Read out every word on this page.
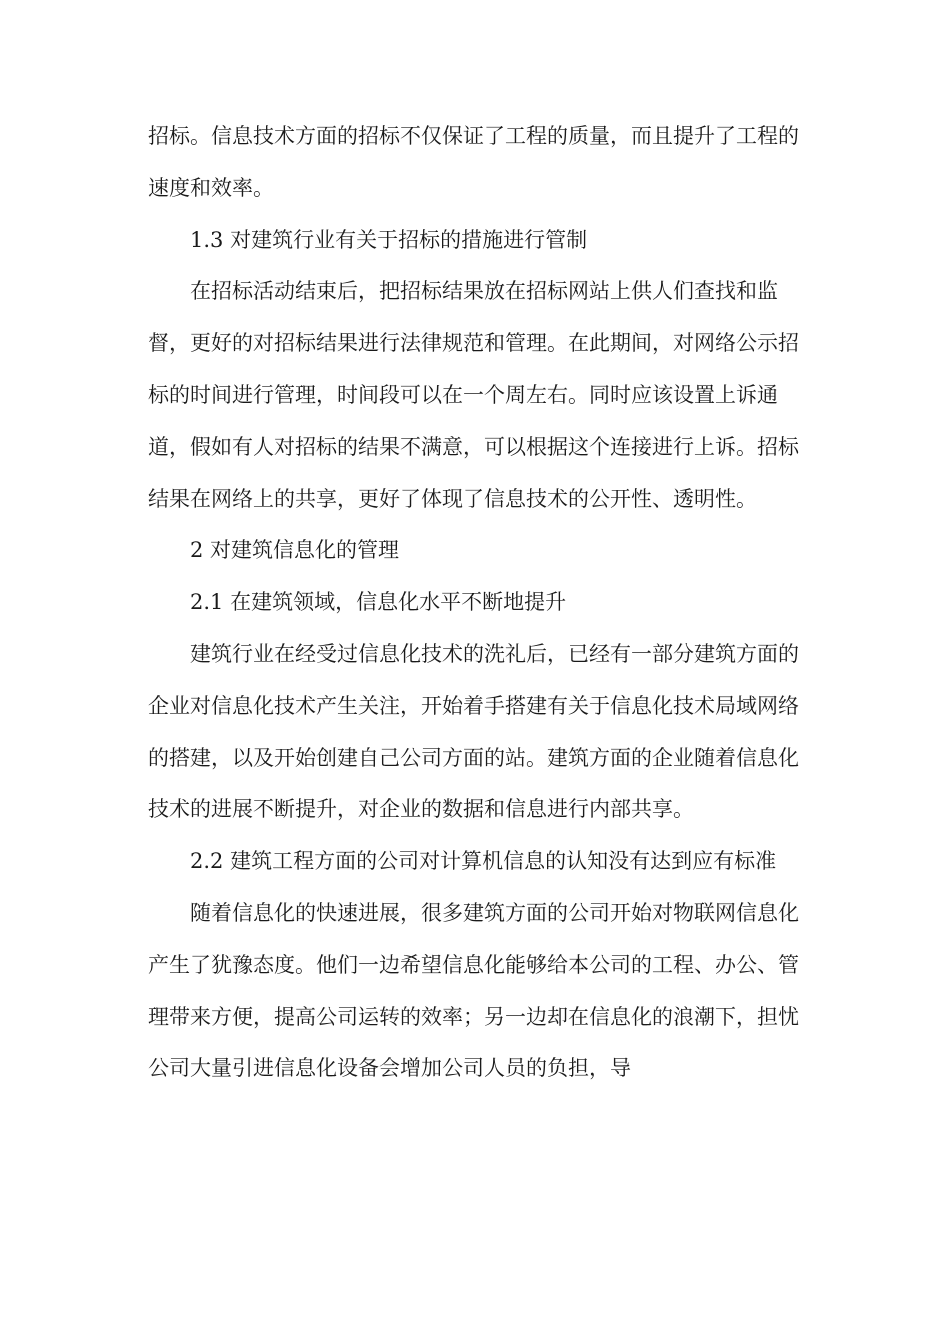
招标。信息技术方面的招标不仅保证了工程的质量，而且提升了工程的速度和效率。

1.3 对建筑行业有关于招标的措施进行管制

在招标活动结束后，把招标结果放在招标网站上供人们查找和监督，更好的对招标结果进行法律规范和管理。在此期间，对网络公示招标的时间进行管理，时间段可以在一个周左右。同时应该设置上诉通道，假如有人对招标的结果不满意，可以根据这个连接进行上诉。招标结果在网络上的共享，更好了体现了信息技术的公开性、透明性。

2 对建筑信息化的管理

2.1 在建筑领域，信息化水平不断地提升

建筑行业在经受过信息化技术的洗礼后，已经有一部分建筑方面的企业对信息化技术产生关注，开始着手搭建有关于信息化技术局域网络的搭建，以及开始创建自己公司方面的站。建筑方面的企业随着信息化技术的进展不断提升，对企业的数据和信息进行内部共享。

2.2 建筑工程方面的公司对计算机信息的认知没有达到应有标准

随着信息化的快速进展，很多建筑方面的公司开始对物联网信息化产生了犹豫态度。他们一边希望信息化能够给本公司的工程、办公、管理带来方便，提高公司运转的效率；另一边却在信息化的浪潮下，担忧公司大量引进信息化设备会增加公司人员的负担，导
